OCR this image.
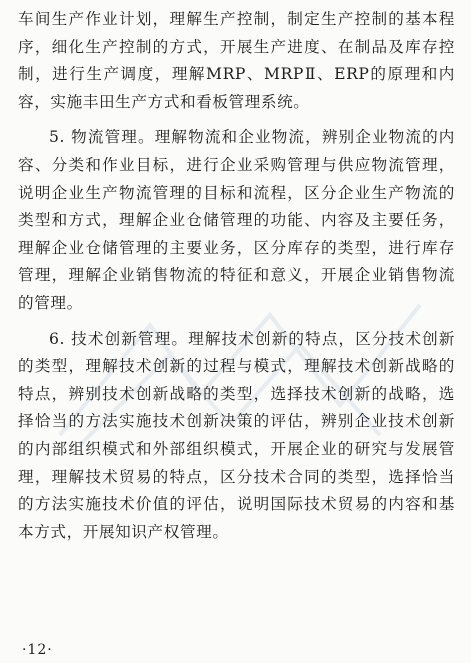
车间生产作业计划，理解生产控制，制定生产控制的基本程序，细化生产控制的方式，开展生产进度、在制品及库存控制，进行生产调度，理解MRP、MRPⅡ、ERP的原理和内容，实施丰田生产方式和看板管理系统。

5. 物流管理。理解物流和企业物流，辨别企业物流的内容、分类和作业目标，进行企业采购管理与供应物流管理，说明企业生产物流管理的目标和流程，区分企业生产物流的类型和方式，理解企业仓储管理的功能、内容及主要任务，理解企业仓储管理的主要业务，区分库存的类型，进行库存管理，理解企业销售物流的特征和意义，开展企业销售物流的管理。

6. 技术创新管理。理解技术创新的特点，区分技术创新的类型，理解技术创新的过程与模式，理解技术创新战略的特点，辨别技术创新战略的类型，选择技术创新的战略，选择恰当的方法实施技术创新决策的评估，辨别企业技术创新的内部组织模式和外部组织模式，开展企业的研究与发展管理，理解技术贸易的特点，区分技术合同的类型，选择恰当的方法实施技术价值的评估，说明国际技术贸易的内容和基本方式，开展知识产权管理。

·12·
